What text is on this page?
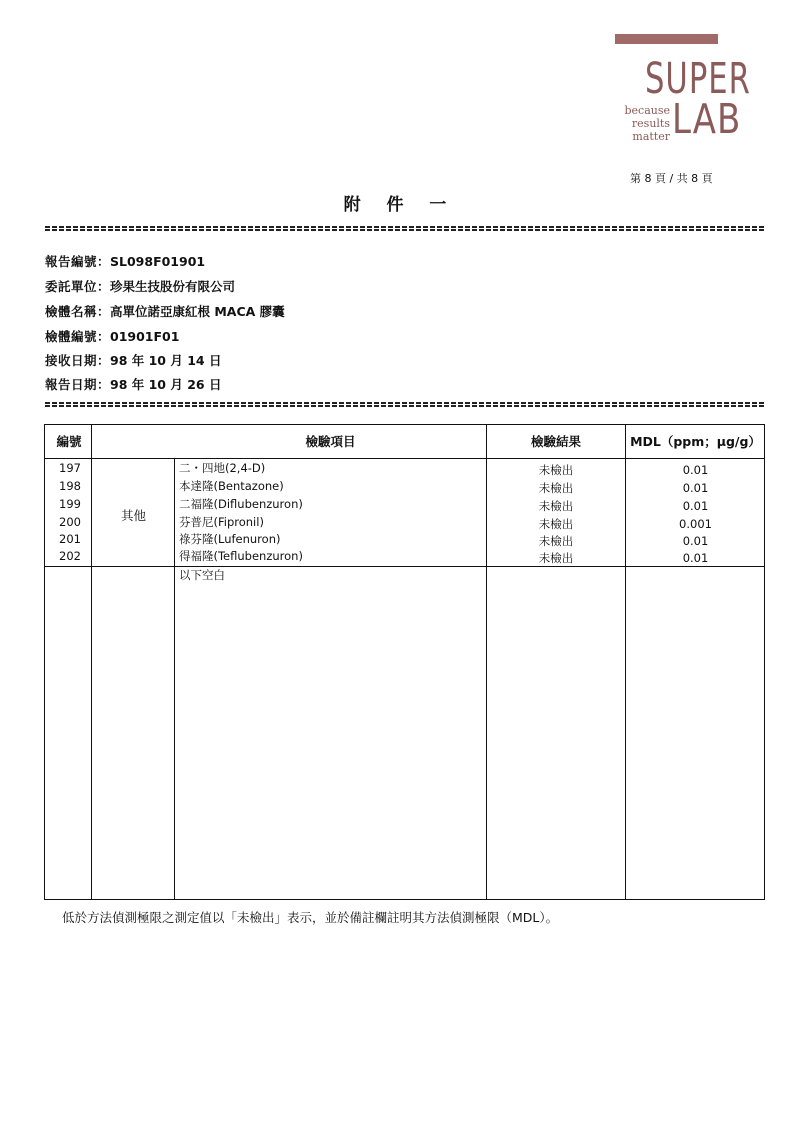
SUPER
because
results
matter LAB
第 8 頁 / 共 8 頁
附 件 一
報告編號：SL098F01901
委託單位：珍果生技股份有限公司
檢體名稱：高單位諾亞康紅根 MACA 膠囊
檢體編號：01901F01
接收日期：98 年 10 月 14 日
報告日期：98 年 10 月 26 日
編號	檢驗項目	檢驗結果	MDL（ppm；µg/g）
其他
197	二・四地(2,4-D)	未檢出	0.01
198	本達隆(Bentazone)	未檢出	0.01
199	二福隆(Diflubenzuron)	未檢出	0.01
200	芬普尼(Fipronil)	未檢出	0.001
201	祿芬隆(Lufenuron)	未檢出	0.01
202	得福隆(Teflubenzuron)	未檢出	0.01
以下空白
低於方法偵測極限之測定值以「未檢出」表示，並於備註欄註明其方法偵測極限（MDL）。
